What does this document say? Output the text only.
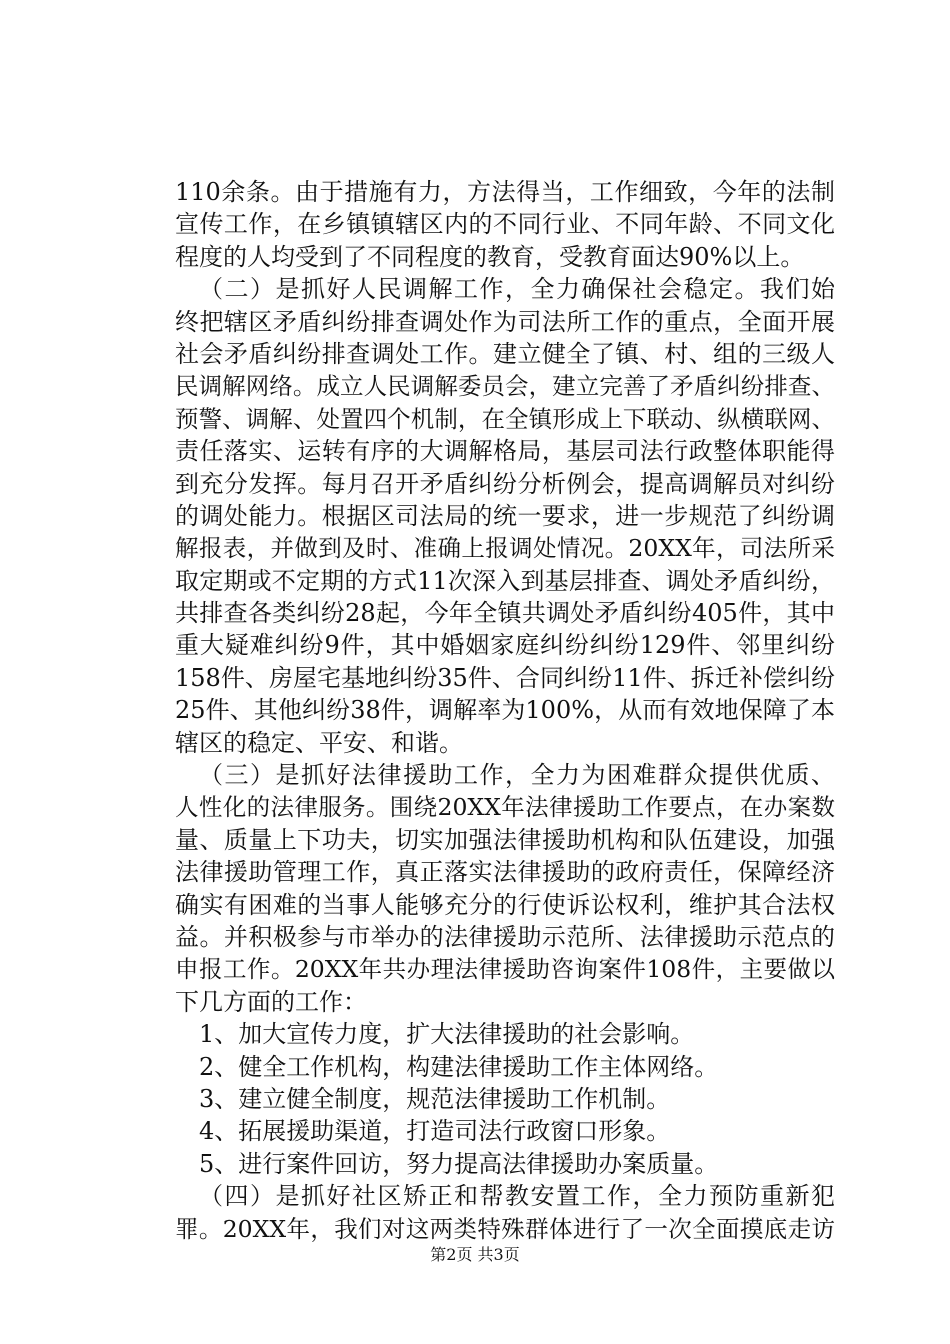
110余条。由于措施有力，方法得当，工作细致，今年的法制
宣传工作，在乡镇镇辖区内的不同行业、不同年龄、不同文化
程度的人均受到了不同程度的教育，受教育面达90%以上。
（二）是抓好人民调解工作，全力确保社会稳定。我们始
终把辖区矛盾纠纷排查调处作为司法所工作的重点，全面开展
社会矛盾纠纷排查调处工作。建立健全了镇、村、组的三级人
民调解网络。成立人民调解委员会，建立完善了矛盾纠纷排查、
预警、调解、处置四个机制，在全镇形成上下联动、纵横联网、
责任落实、运转有序的大调解格局，基层司法行政整体职能得
到充分发挥。每月召开矛盾纠纷分析例会，提高调解员对纠纷
的调处能力。根据区司法局的统一要求，进一步规范了纠纷调
解报表，并做到及时、准确上报调处情况。20XX年，司法所采
取定期或不定期的方式11次深入到基层排查、调处矛盾纠纷，
共排查各类纠纷28起，今年全镇共调处矛盾纠纷405件，其中
重大疑难纠纷9件，其中婚姻家庭纠纷纠纷129件、邻里纠纷
158件、房屋宅基地纠纷35件、合同纠纷11件、拆迁补偿纠纷
25件、其他纠纷38件，调解率为100%，从而有效地保障了本
辖区的稳定、平安、和谐。
（三）是抓好法律援助工作，全力为困难群众提供优质、
人性化的法律服务。围绕20XX年法律援助工作要点，在办案数
量、质量上下功夫，切实加强法律援助机构和队伍建设，加强
法律援助管理工作，真正落实法律援助的政府责任，保障经济
确实有困难的当事人能够充分的行使诉讼权利，维护其合法权
益。并积极参与市举办的法律援助示范所、法律援助示范点的
申报工作。20XX年共办理法律援助咨询案件108件，主要做以
下几方面的工作：
1、加大宣传力度，扩大法律援助的社会影响。
2、健全工作机构，构建法律援助工作主体网络。
3、建立健全制度，规范法律援助工作机制。
4、拓展援助渠道，打造司法行政窗口形象。
5、进行案件回访，努力提高法律援助办案质量。
（四）是抓好社区矫正和帮教安置工作，全力预防重新犯
罪。20XX年，我们对这两类特殊群体进行了一次全面摸底走访
第2页 共3页
